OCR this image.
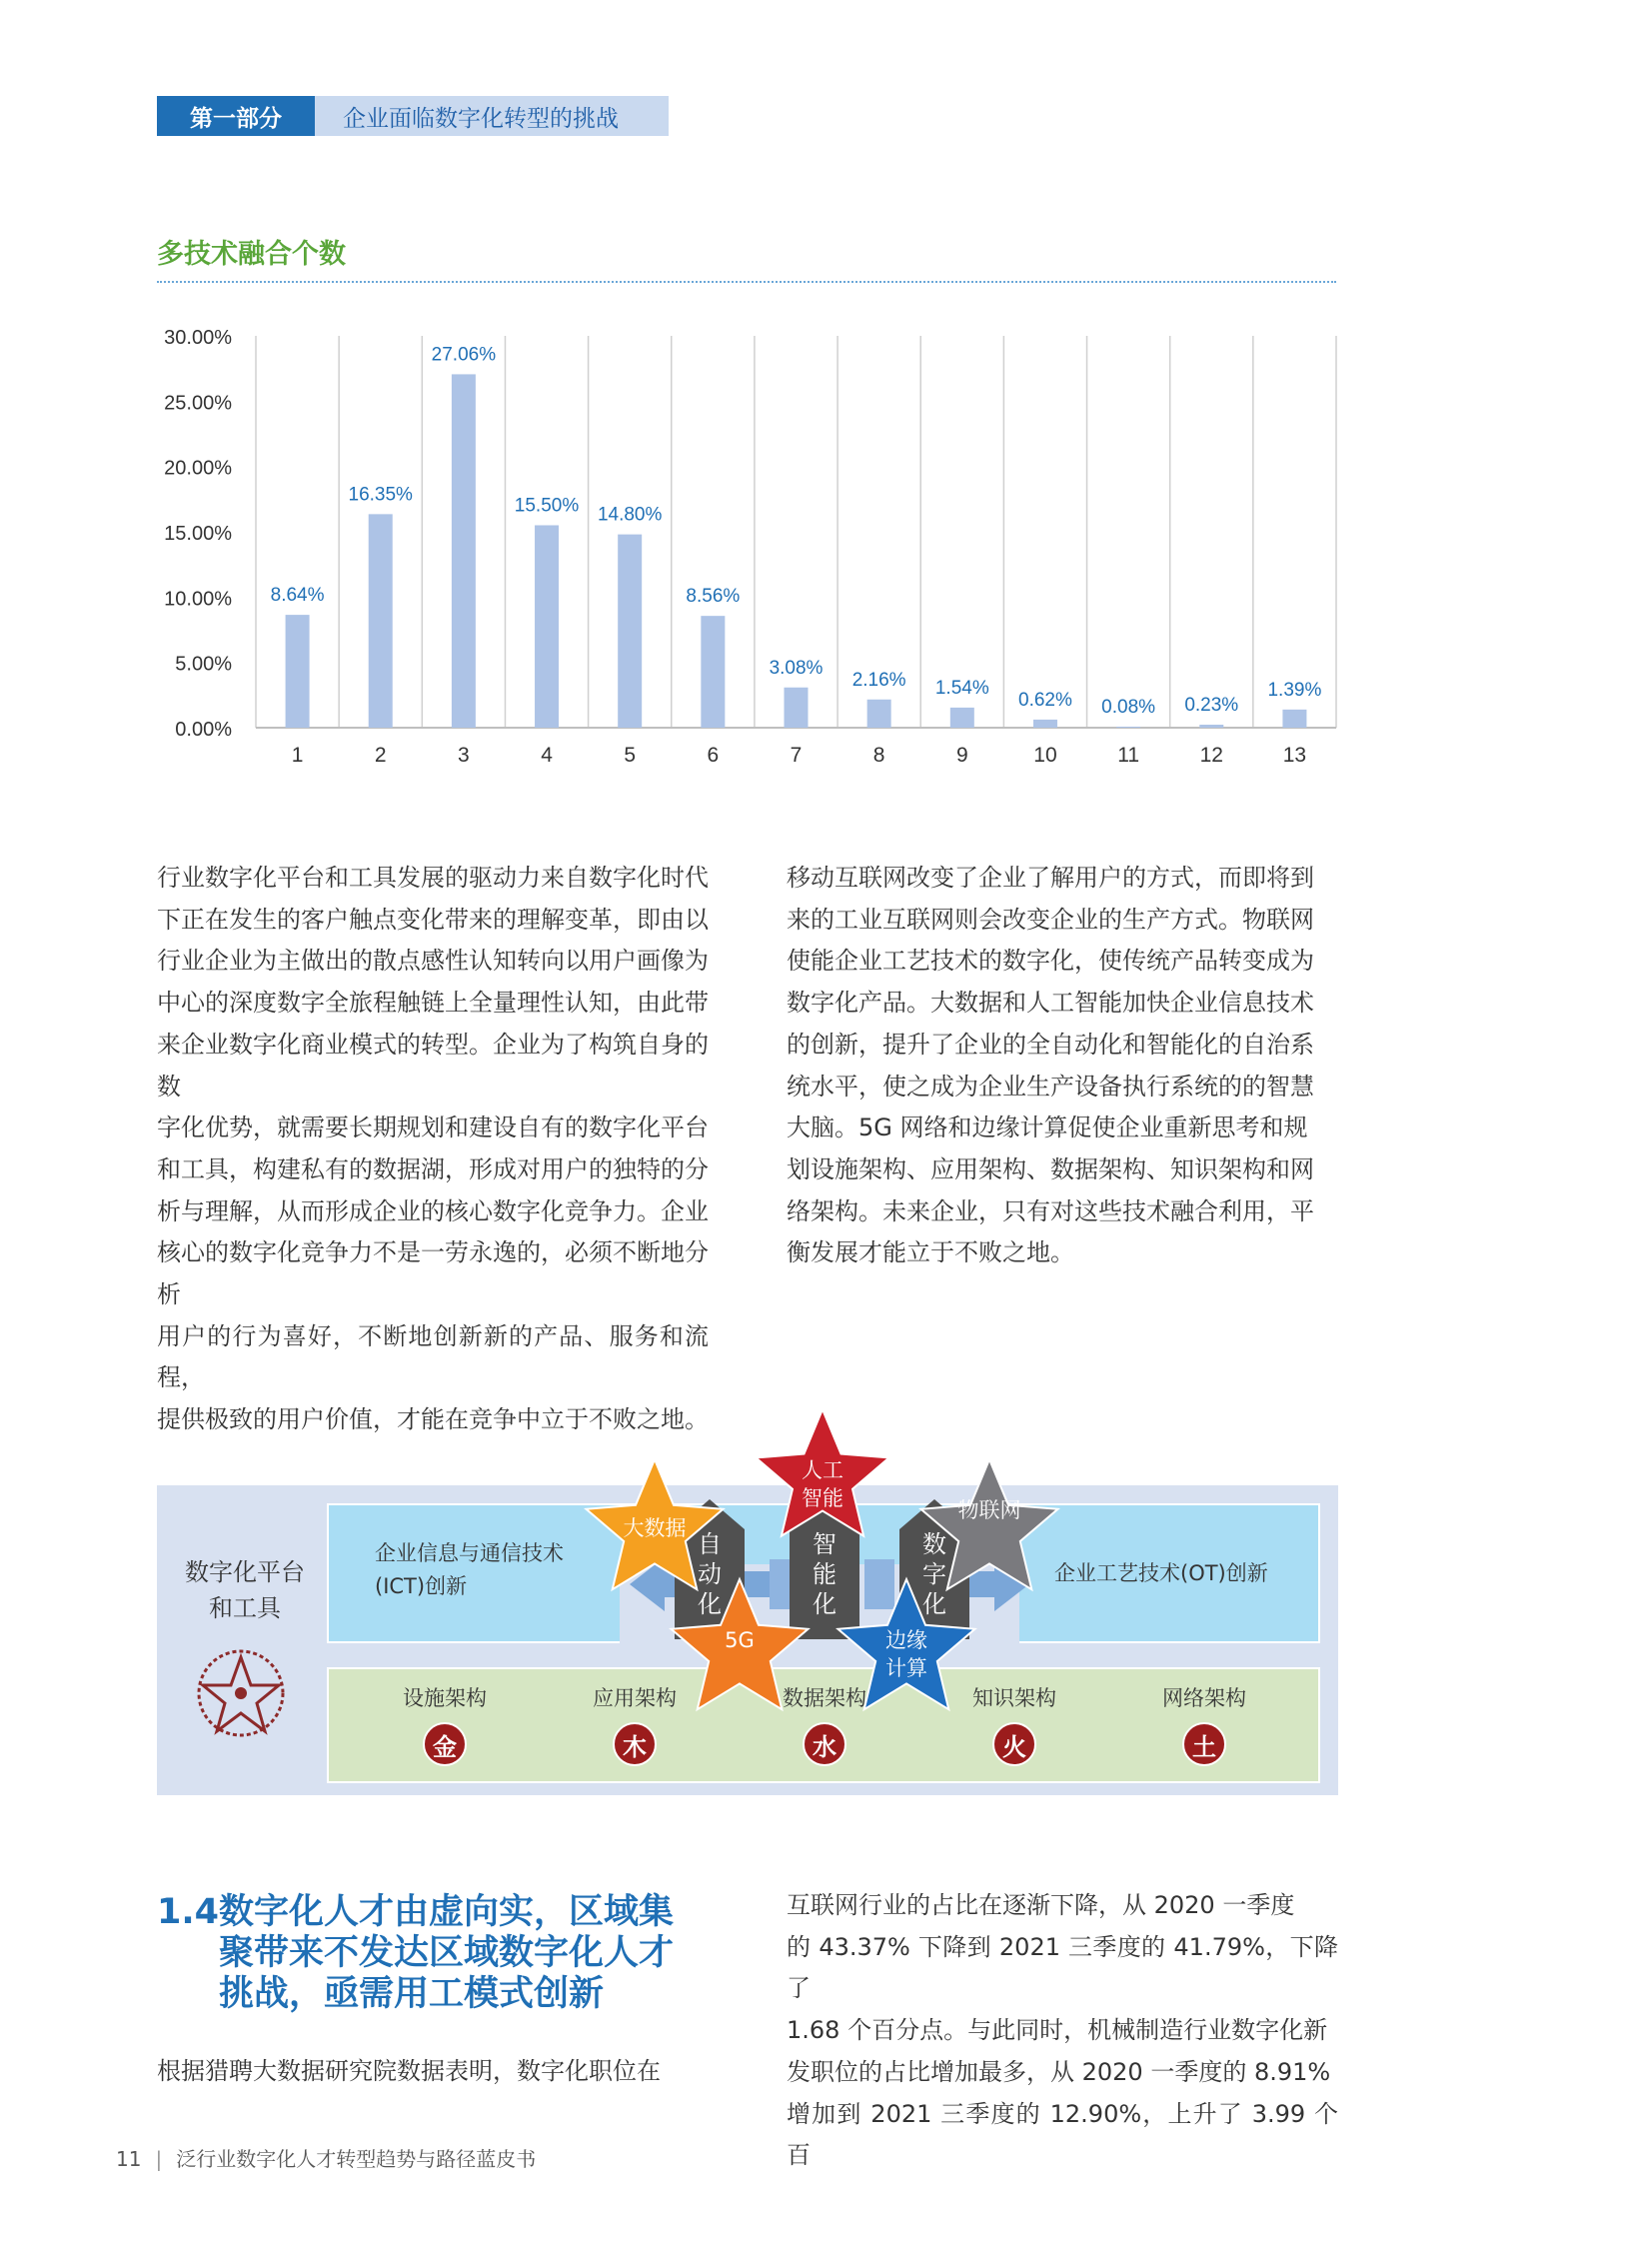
第一部分	企业面临数字化转型的挑战
多技术融合个数
0.00%
5.00%
10.00%
15.00%
20.00%
25.00%
30.00%
8.64%
1
16.35%
2
27.06%
3
15.50%
4
14.80%
5
8.56%
6
3.08%
7
2.16%
8
1.54%
9
0.62%
10
0.08%
11
0.23%
12
1.39%
13
行业数字化平台和工具发展的驱动力来自数字化时代
下正在发生的客户触点变化带来的理解变革，即由以
行业企业为主做出的散点感性认知转向以用户画像为
中心的深度数字全旅程触链上全量理性认知，由此带
来企业数字化商业模式的转型。企业为了构筑自身的数
字化优势，就需要长期规划和建设自有的数字化平台
和工具，构建私有的数据湖，形成对用户的独特的分
析与理解，从而形成企业的核心数字化竞争力。企业
核心的数字化竞争力不是一劳永逸的，必须不断地分析
用户的行为喜好，不断地创新新的产品、服务和流程，
提供极致的用户价值，才能在竞争中立于不败之地。
移动互联网改变了企业了解用户的方式，而即将到
来的工业互联网则会改变企业的生产方式。物联网
使能企业工艺技术的数字化，使传统产品转变成为
数字化产品。大数据和人工智能加快企业信息技术
的创新，提升了企业的全自动化和智能化的自治系
统水平，使之成为企业生产设备执行系统的的智慧
大脑。5G 网络和边缘计算促使企业重新思考和规
划设施架构、应用架构、数据架构、知识架构和网
络架构。未来企业，只有对这些技术融合利用，平
衡发展才能立于不败之地。
数字化平台
和工具
企业信息与通信技术
(ICT)创新
企业工艺技术(OT)创新
自动化
智能化
数字化
大数据
人工
智能	物联网
5G	边缘
计算
设施架构	应用架构	数据架构	知识架构	网络架构
金	木	水	火	土
1.4数字化人才由虚向实，区域集
聚带来不发达区域数字化人才
挑战，亟需用工模式创新
根据猎聘大数据研究院数据表明，数字化职位在
互联网行业的占比在逐渐下降，从 2020 一季度
的 43.37% 下降到 2021 三季度的 41.79%，下降了
1.68 个百分点。与此同时，机械制造行业数字化新
发职位的占比增加最多，从 2020 一季度的 8.91%
增加到 2021 三季度的 12.90%，上升了 3.99 个百
11 | 泛行业数字化人才转型趋势与路径蓝皮书
